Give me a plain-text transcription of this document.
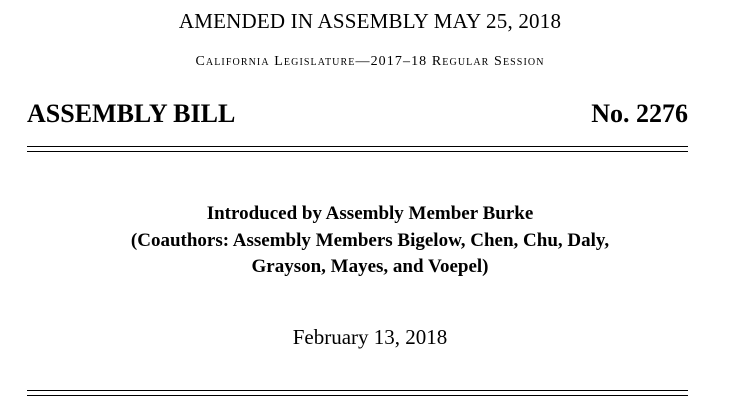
AMENDED IN ASSEMBLY MAY 25, 2018
California Legislature—2017–18 Regular Session
ASSEMBLY BILL	No. 2276
Introduced by Assembly Member Burke
(Coauthors: Assembly Members Bigelow, Chen, Chu, Daly,
Grayson, Mayes, and Voepel)
February 13, 2018
